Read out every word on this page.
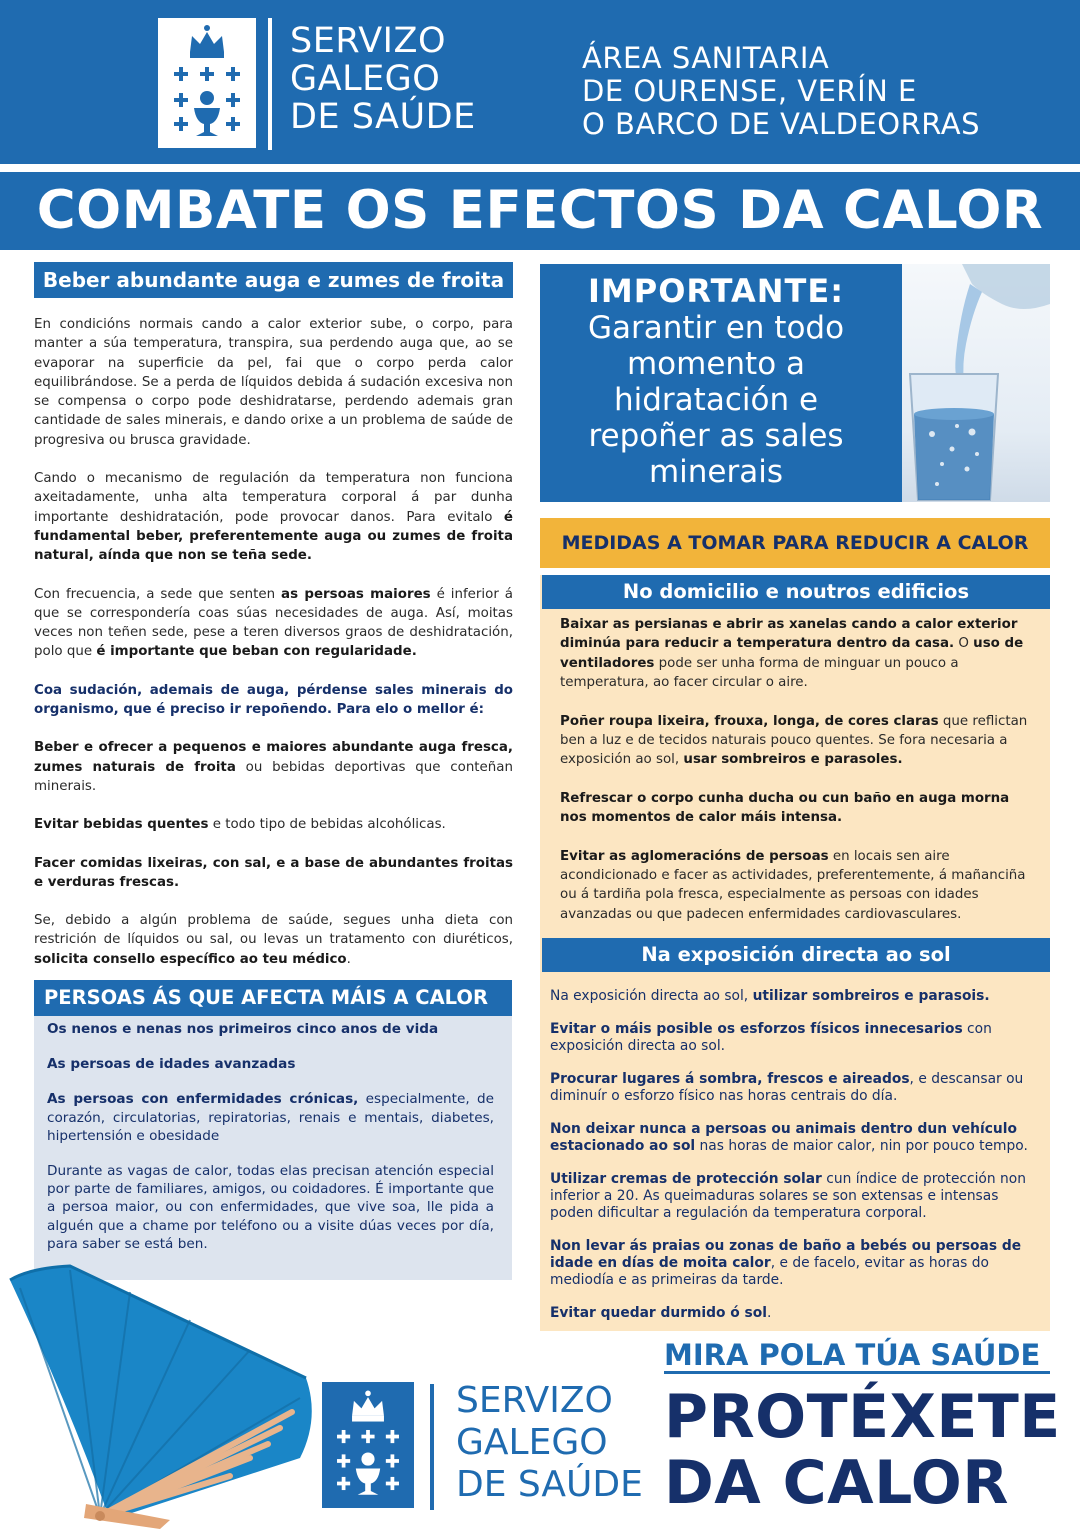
SERVIZO
GALEGO
DE SAÚDE
ÁREA SANITARIA
DE OURENSE, VERÍN E
O BARCO DE VALDEORRAS
COMBATE OS EFECTOS DA CALOR
Beber abundante auga e zumes de froita

En condicións normais cando a calor exterior sube, o corpo, para manter a súa temperatura, transpira, sua perdendo auga que, ao se evaporar na superficie da pel, fai que o corpo perda calor equilibrándose. Se a perda de líquidos debida á sudación excesiva non se compensa o corpo pode deshidratarse, perdendo ademais gran cantidade de sales minerais, e dando orixe a un problema de saúde de progresiva ou brusca gravidade.

Cando o mecanismo de regulación da temperatura non funciona axeitadamente, unha alta temperatura corporal á par dunha importante deshidratación, pode provocar danos. Para evitalo é fundamental beber, preferentemente auga ou zumes de froita natural, aínda que non se teña sede.

Con frecuencia, a sede que senten as persoas maiores é inferior á que se correspondería coas súas necesidades de auga. Así, moitas veces non teñen sede, pese a teren diversos graos de deshidratación, polo que é importante que beban con regularidade.

Coa sudación, ademais de auga, pérdense sales minerais do organismo, que é preciso ir repoñendo. Para elo o mellor é:

Beber e ofrecer a pequenos e maiores abundante auga fresca, zumes naturais de froita ou bebidas deportivas que conteñan minerais.

Evitar bebidas quentes e todo tipo de bebidas alcohólicas.

Facer comidas lixeiras, con sal, e a base de abundantes froitas e verduras frescas.

Se, debido a algún problema de saúde, segues unha dieta con restrición de líquidos ou sal, ou levas un tratamento con diuréticos, solicita consello específico ao teu médico.

PERSOAS ÁS QUE AFECTA MÁIS A CALOR

Os nenos e nenas nos primeiros cinco anos de vida

As persoas de idades avanzadas

As persoas con enfermidades crónicas, especialmente, de corazón, circulatorias, repiratorias, renais e mentais, diabetes, hipertensión e obesidade

Durante as vagas de calor, todas elas precisan atención especial por parte de familiares, amigos, ou coidadores. É importante que a persoa maior, ou con enfermidades, que vive soa, lle pida a alguén que a chame por teléfono ou a visite dúas veces por día, para saber se está ben.

IMPORTANTE:
Garantir en todo
momento a
hidratación e
repoñer as sales
minerais
MEDIDAS A TOMAR PARA REDUCIR A CALOR
No domicilio e noutros edificios

Baixar as persianas e abrir as xanelas cando a calor exterior diminúa para reducir a temperatura dentro da casa. O uso de ventiladores pode ser unha forma de minguar un pouco a temperatura, ao facer circular o aire.

Poñer roupa lixeira, frouxa, longa, de cores claras que reflictan ben a luz e de tecidos naturais pouco quentes. Se fora necesaria a exposición ao sol, usar sombreiros e parasoles.

Refrescar o corpo cunha ducha ou cun baño en auga morna nos momentos de calor máis intensa.

Evitar as aglomeracións de persoas en locais sen aire acondicionado e facer as actividades, preferentemente, á mañanciña ou á tardiña pola fresca, especialmente as persoas con idades avanzadas ou que padecen enfermidades cardiovasculares.

Na exposición directa ao sol

Na exposición directa ao sol, utilizar sombreiros e parasois.

Evitar o máis posible os esforzos físicos innecesarios con exposición directa ao sol.

Procurar lugares á sombra, frescos e aireados, e descansar ou diminuír o esforzo físico nas horas centrais do día.

Non deixar nunca a persoas ou animais dentro dun vehículo estacionado ao sol nas horas de maior calor, nin por pouco tempo.

Utilizar cremas de protección solar cun índice de protección non inferior a 20. As queimaduras solares se son extensas e intensas poden dificultar a regulación da temperatura corporal.

Non levar ás praias ou zonas de baño a bebés ou persoas de idade en días de moita calor, e de facelo, evitar as horas do mediodía e as primeiras da tarde.

Evitar quedar durmido ó sol.

SERVIZO
GALEGO
DE SAÚDE
MIRA POLA TÚA SAÚDE
PROTÉXETE
DA CALOR
